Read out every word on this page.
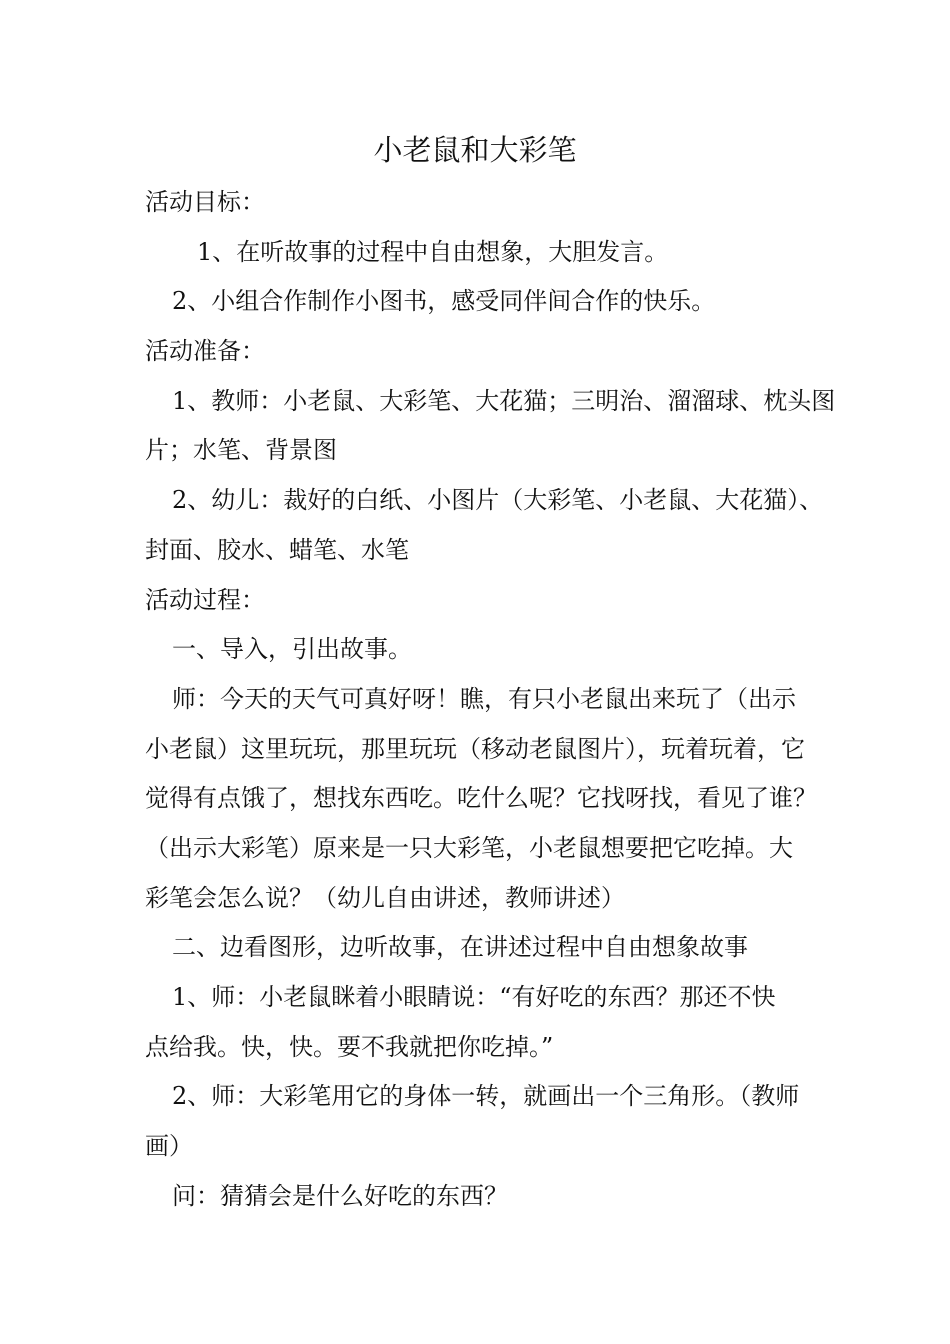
小老鼠和大彩笔
活动目标：
1、在听故事的过程中自由想象，大胆发言。
2、小组合作制作小图书，感受同伴间合作的快乐。
活动准备：
1、教师：小老鼠、大彩笔、大花猫；三明治、溜溜球、枕头图
片；水笔、背景图
2、幼儿：裁好的白纸、小图片（大彩笔、小老鼠、大花猫）、
封面、胶水、蜡笔、水笔
活动过程：
一、导入，引出故事。
师：今天的天气可真好呀！瞧，有只小老鼠出来玩了（出示
小老鼠）这里玩玩，那里玩玩（移动老鼠图片），玩着玩着，它
觉得有点饿了，想找东西吃。吃什么呢？它找呀找，看见了谁？
（出示大彩笔）原来是一只大彩笔，小老鼠想要把它吃掉。大
彩笔会怎么说？（幼儿自由讲述，教师讲述）
二、边看图形，边听故事，在讲述过程中自由想象故事
1、师：小老鼠眯着小眼睛说：“有好吃的东西？那还不快
点给我。快，快。要不我就把你吃掉。”
2、师：大彩笔用它的身体一转，就画出一个三角形。（教师
画）
问：猜猜会是什么好吃的东西？
